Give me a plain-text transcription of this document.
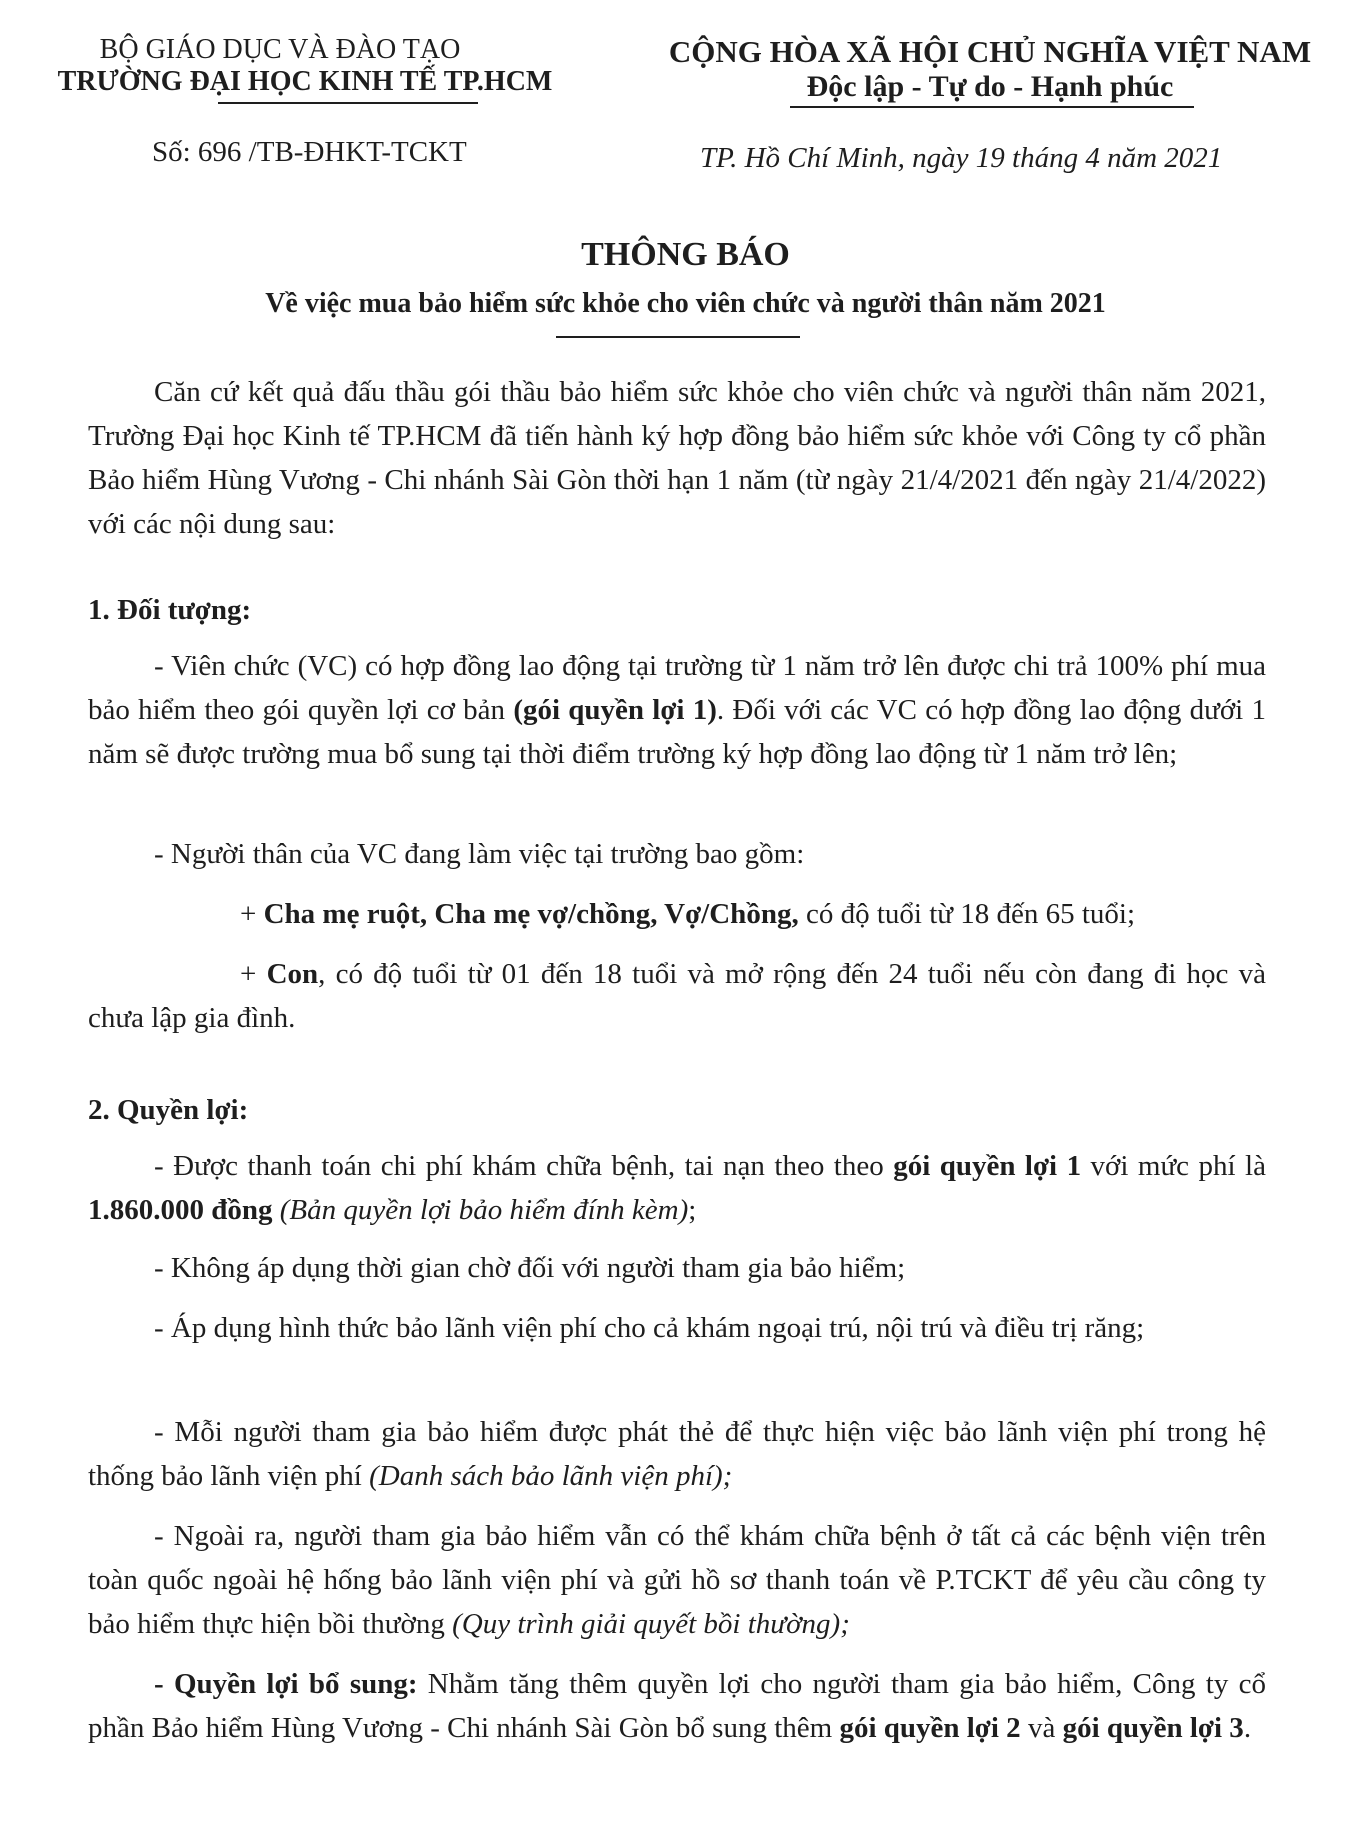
BỘ GIÁO DỤC VÀ ĐÀO TẠO
TRƯỜNG ĐẠI HỌC KINH TẾ TP.HCM
CỘNG HÒA XÃ HỘI CHỦ NGHĨA VIỆT NAM
Độc lập - Tự do - Hạnh phúc
Số: 696 /TB-ĐHKT-TCKT	TP. Hồ Chí Minh, ngày 19 tháng 4 năm 2021
THÔNG BÁO
Về việc mua bảo hiểm sức khỏe cho viên chức và người thân năm 2021

Căn cứ kết quả đấu thầu gói thầu bảo hiểm sức khỏe cho viên chức và người thân năm 2021, Trường Đại học Kinh tế TP.HCM đã tiến hành ký hợp đồng bảo hiểm sức khỏe với Công ty cổ phần Bảo hiểm Hùng Vương - Chi nhánh Sài Gòn thời hạn 1 năm (từ ngày 21/4/2021 đến ngày 21/4/2022) với các nội dung sau:

1. Đối tượng:

- Viên chức (VC) có hợp đồng lao động tại trường từ 1 năm trở lên được chi trả 100% phí mua bảo hiểm theo gói quyền lợi cơ bản (gói quyền lợi 1). Đối với các VC có hợp đồng lao động dưới 1 năm sẽ được trường mua bổ sung tại thời điểm trường ký hợp đồng lao động từ 1 năm trở lên;

- Người thân của VC đang làm việc tại trường bao gồm:

+ Cha mẹ ruột, Cha mẹ vợ/chồng, Vợ/Chồng, có độ tuổi từ 18 đến 65 tuổi;

+ Con, có độ tuổi từ 01 đến 18 tuổi và mở rộng đến 24 tuổi nếu còn đang đi học và chưa lập gia đình.

2. Quyền lợi:

- Được thanh toán chi phí khám chữa bệnh, tai nạn theo theo gói quyền lợi 1 với mức phí là 1.860.000 đồng (Bản quyền lợi bảo hiểm đính kèm);

- Không áp dụng thời gian chờ đối với người tham gia bảo hiểm;

- Áp dụng hình thức bảo lãnh viện phí cho cả khám ngoại trú, nội trú và điều trị răng;

- Mỗi người tham gia bảo hiểm được phát thẻ để thực hiện việc bảo lãnh viện phí trong hệ thống bảo lãnh viện phí (Danh sách bảo lãnh viện phí);

- Ngoài ra, người tham gia bảo hiểm vẫn có thể khám chữa bệnh ở tất cả các bệnh viện trên toàn quốc ngoài hệ hống bảo lãnh viện phí và gửi hồ sơ thanh toán về P.TCKT để yêu cầu công ty bảo hiểm thực hiện bồi thường (Quy trình giải quyết bồi thường);

- Quyền lợi bổ sung: Nhằm tăng thêm quyền lợi cho người tham gia bảo hiểm, Công ty cổ phần Bảo hiểm Hùng Vương - Chi nhánh Sài Gòn bổ sung thêm gói quyền lợi 2 và gói quyền lợi 3.
